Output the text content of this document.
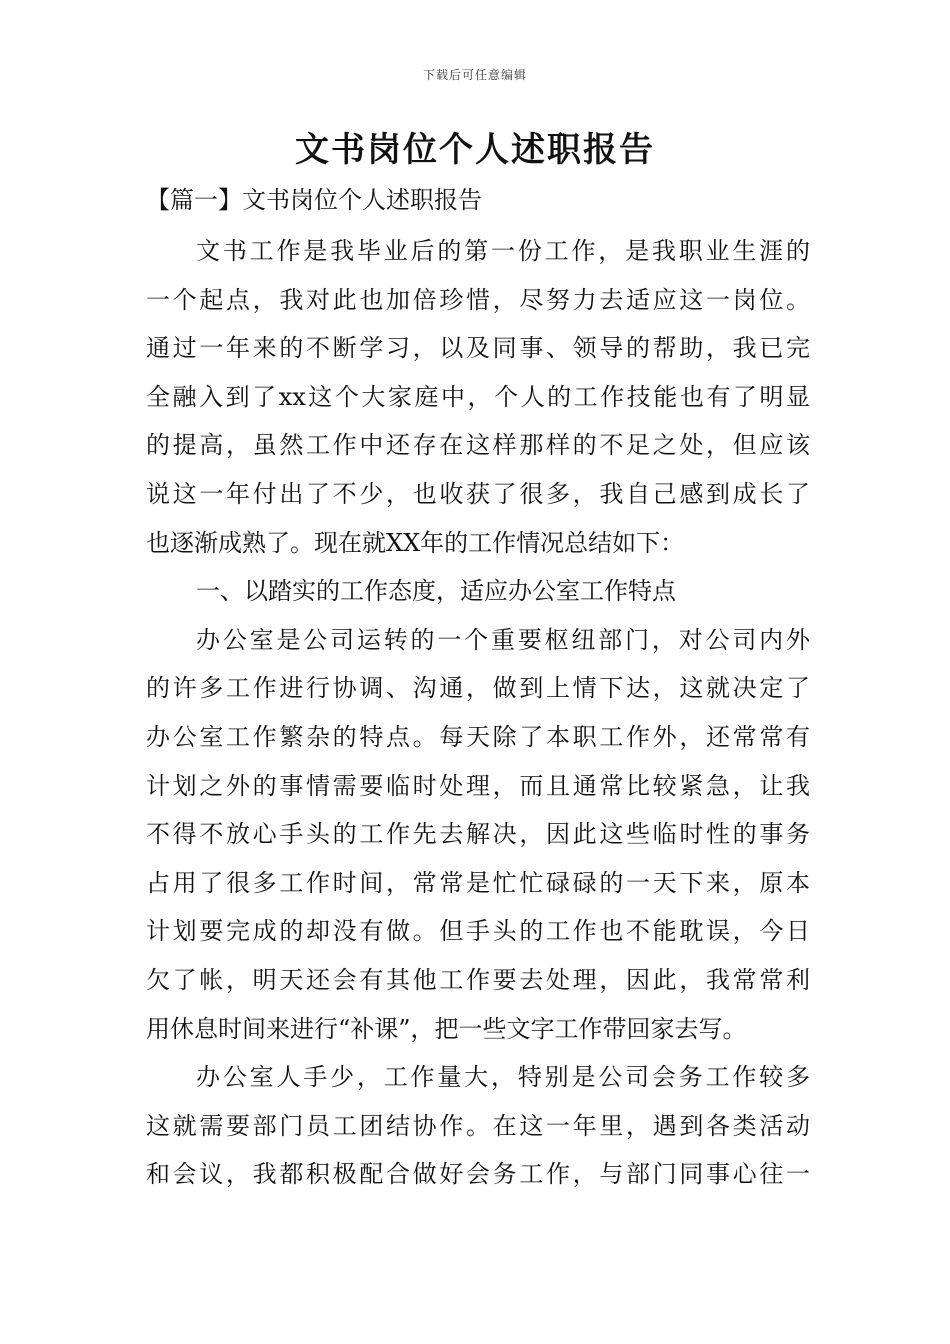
下载后可任意编辑
文书岗位个人述职报告
【篇一】文书岗位个人述职报告
文书工作是我毕业后的第一份工作，是我职业生涯的
一个起点，我对此也加倍珍惜，尽努力去适应这一岗位。
通过一年来的不断学习，以及同事、领导的帮助，我已完
全融入到了xx这个大家庭中，个人的工作技能也有了明显
的提高，虽然工作中还存在这样那样的不足之处，但应该
说这一年付出了不少，也收获了很多，我自己感到成长了
也逐渐成熟了。现在就XX年的工作情况总结如下：
一、以踏实的工作态度，适应办公室工作特点
办公室是公司运转的一个重要枢纽部门，对公司内外
的许多工作进行协调、沟通，做到上情下达，这就决定了
办公室工作繁杂的特点。每天除了本职工作外，还常常有
计划之外的事情需要临时处理，而且通常比较紧急，让我
不得不放心手头的工作先去解决，因此这些临时性的事务
占用了很多工作时间，常常是忙忙碌碌的一天下来，原本
计划要完成的却没有做。但手头的工作也不能耽误，今日
欠了帐，明天还会有其他工作要去处理，因此，我常常利
用休息时间来进行“补课”，把一些文字工作带回家去写。
办公室人手少，工作量大，特别是公司会务工作较多
这就需要部门员工团结协作。在这一年里，遇到各类活动
和会议，我都积极配合做好会务工作，与部门同事心往一
